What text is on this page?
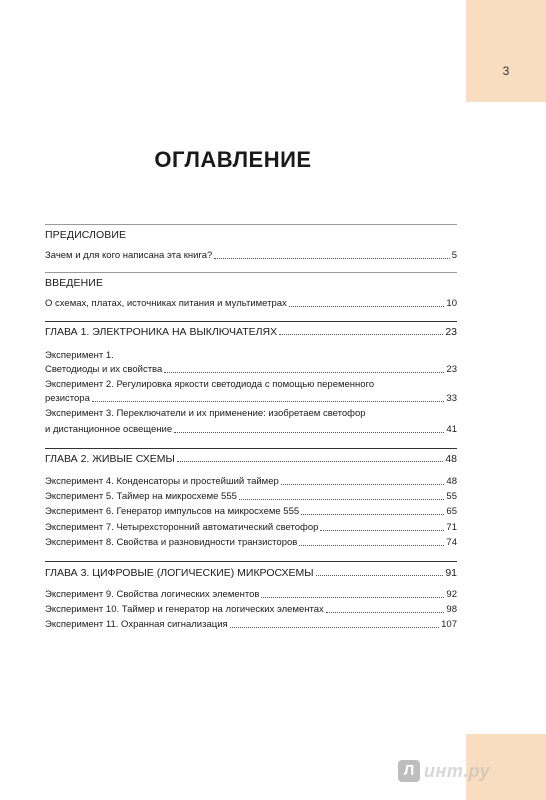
3
Л инт.ру
ОГЛАВЛЕНИЕ
ПРЕДИСЛОВИЕ
Зачем и для кого написана эта книга?	5
ВВЕДЕНИЕ
О схемах, платах, источниках питания и мультиметрах	10
ГЛАВА 1. ЭЛЕКТРОНИКА НА ВЫКЛЮЧАТЕЛЯХ	23
Эксперимент 1.
Светодиоды и их свойства	23
Эксперимент 2. Регулировка яркости светодиода с помощью переменного
резистора	33
Эксперимент 3. Переключатели и их применение: изобретаем светофор
и дистанционное освещение	41
ГЛАВА 2. ЖИВЫЕ СХЕМЫ	48
Эксперимент 4. Конденсаторы и простейший таймер	48
Эксперимент 5. Таймер на микросхеме 555	55
Эксперимент 6. Генератор импульсов на микросхеме 555	65
Эксперимент 7. Четырехсторонний автоматический светофор	71
Эксперимент 8. Свойства и разновидности транзисторов	74
ГЛАВА 3. ЦИФРОВЫЕ (ЛОГИЧЕСКИЕ) МИКРОСХЕМЫ	91
Эксперимент 9. Свойства логических элементов	92
Эксперимент 10. Таймер и генератор на логических элементах	98
Эксперимент 11. Охранная сигнализация	107
